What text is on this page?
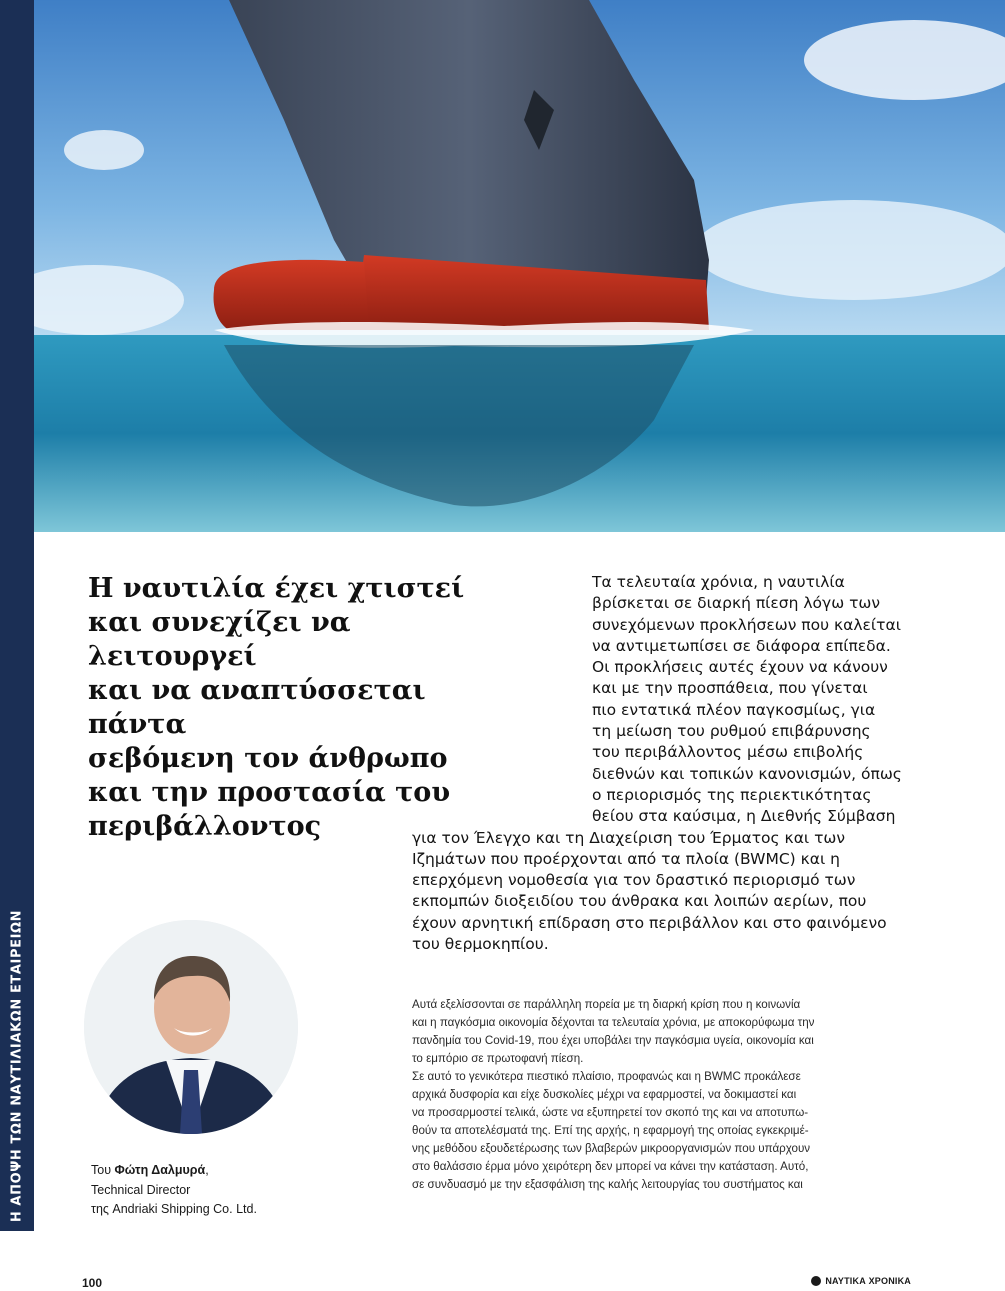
Η ΑΠΟΨΗ ΤΩΝ ΝΑΥΤΙΛΙΑΚΩΝ ΕΤΑΙΡΕΙΩΝ
Η ναυτιλία έχει χτιστεί
και συνεχίζει να λειτουργεί
και να αναπτύσσεται πάντα
σεβόμενη τον άνθρωπο
και την προστασία του
περιβάλλοντος

Τα τελευταία χρόνια, η ναυτιλία
βρίσκεται σε διαρκή πίεση λόγω των
συνεχόμενων προκλήσεων που καλείται
να αντιμετωπίσει σε διάφορα επίπεδα.
Οι προκλήσεις αυτές έχουν να κάνουν
και με την προσπάθεια, που γίνεται
πιο εντατικά πλέον παγκοσμίως, για
τη μείωση του ρυθμού επιβάρυνσης
του περιβάλλοντος μέσω επιβολής
διεθνών και τοπικών κανονισμών, όπως
ο περιορισμός της περιεκτικότητας
θείου στα καύσιμα, η Διεθνής Σύμβαση
για τον Έλεγχο και τη Διαχείριση του Έρματος και των
Ιζημάτων που προέρχονται από τα πλοία (BWMC) και η
επερχόμενη νομοθεσία για τον δραστικό περιορισμό των
εκπομπών διοξειδίου του άνθρακα και λοιπών αερίων, που
έχουν αρνητική επίδραση στο περιβάλλον και στο φαινόμενο
του θερμοκηπίου.

Του Φώτη Δαλμυρά,
Technical Director
της Andriaki Shipping Co. Ltd.
Αυτά εξελίσσονται σε παράλληλη πορεία με τη διαρκή κρίση που η κοινωνία
και η παγκόσμια οικονομία δέχονται τα τελευταία χρόνια, με αποκορύφωμα την
πανδημία του Covid-19, που έχει υποβάλει την παγκόσμια υγεία, οικονομία και
το εμπόριο σε πρωτοφανή πίεση.
Σε αυτό το γενικότερα πιεστικό πλαίσιο, προφανώς και η BWMC προκάλεσε
αρχικά δυσφορία και είχε δυσκολίες μέχρι να εφαρμοστεί, να δοκιμαστεί και
να προσαρμοστεί τελικά, ώστε να εξυπηρετεί τον σκοπό της και να αποτυπω-
θούν τα αποτελέσματά της. Επί της αρχής, η εφαρμογή της οποίας εγκεκριμέ-
νης μεθόδου εξουδετέρωσης των βλαβερών μικροοργανισμών που υπάρχουν
στο θαλάσσιο έρμα μόνο χειρότερη δεν μπορεί να κάνει την κατάσταση. Αυτό,
σε συνδυασμό με την εξασφάλιση της καλής λειτουργίας του συστήματος και
100	ΝΑΥΤΙΚΑ ΧΡΟΝΙΚΑ
